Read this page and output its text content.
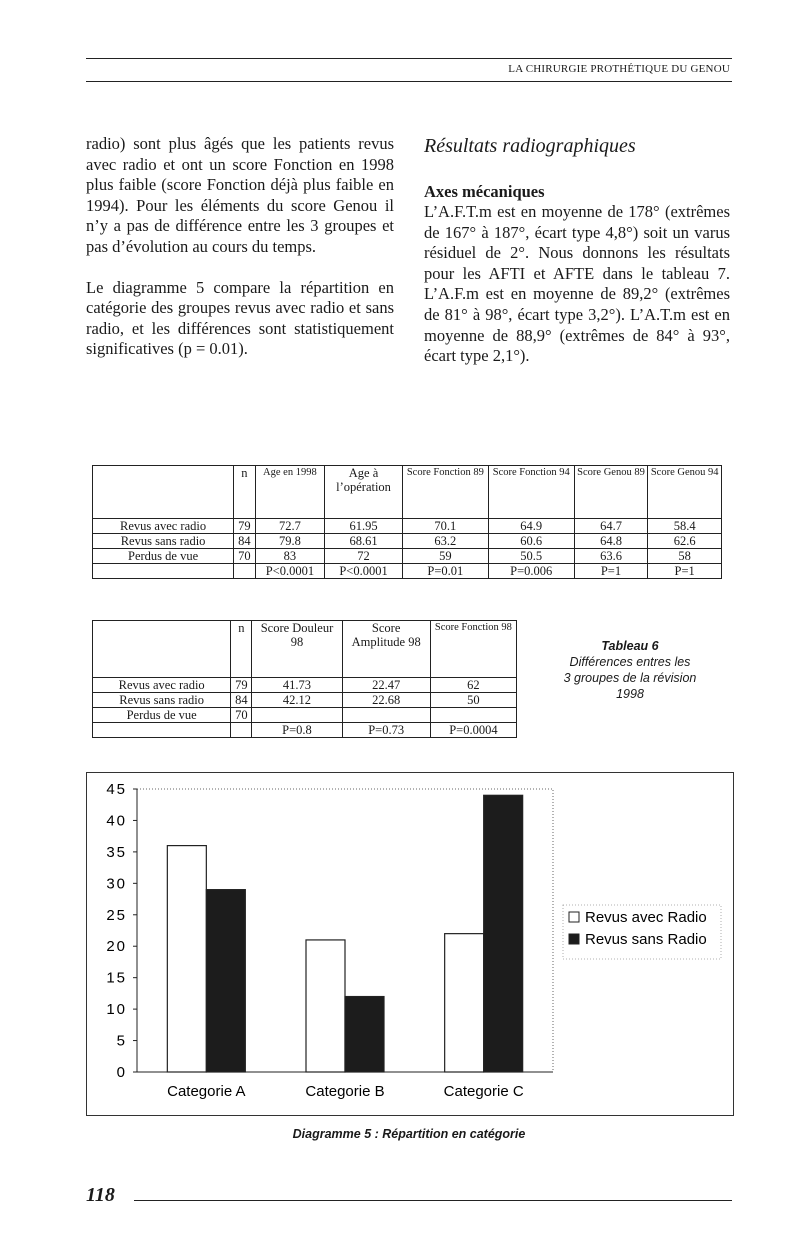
LA CHIRURGIE PROTHÉTIQUE DU GENOU

radio) sont plus âgés que les patients revus avec radio et ont un score Fonction en 1998 plus faible (score Fonction déjà plus faible en 1994). Pour les éléments du score Genou il n’y a pas de différence entre les 3 groupes et pas d’évolution au cours du temps.

Le diagramme 5 compare la répartition en catégorie des groupes revus avec radio et sans radio, et les différences sont statistiquement significatives (p = 0.01).

Résultats radiographiques
Axes mécaniques

L’A.F.T.m est en moyenne de 178° (extrêmes de 167° à 187°, écart type 4,8°) soit un varus résiduel de 2°. Nous donnons les résultats pour les AFTI et AFTE dans le tableau 7. L’A.F.m est en moyenne de 89,2° (extrêmes de 81° à 98°, écart type 3,2°). L’A.T.m est en moyenne de 88,9° (extrêmes de 84° à 93°, écart type 2,1°).

	n	Age en 1998	Age à l’opération	Score Fonction 89	Score Fonction 94	Score Genou 89	Score Genou 94
Revus avec radio	79	72.7	61.95	70.1	64.9	64.7	58.4
Revus sans radio	84	79.8	68.61	63.2	60.6	64.8	62.6
Perdus de vue	70	83	72	59	50.5	63.6	58
		P<0.0001	P<0.0001	P=0.01	P=0.006	P=1	P=1
	n	Score Douleur 98	Score Amplitude 98	Score Fonction 98
Revus avec radio	79	41.73	22.47	62
Revus sans radio	84	42.12	22.68	50
Perdus de vue	70			
		P=0.8	P=0.73	P=0.0004
Tableau 6
Différences entres les
3 groupes de la révision
1998
0
5
10
15
20
25
30
35
40
45
Categorie A	Categorie B	Categorie C
Revus avec Radio
Revus sans Radio
Diagramme 5 : Répartition en catégorie
118
